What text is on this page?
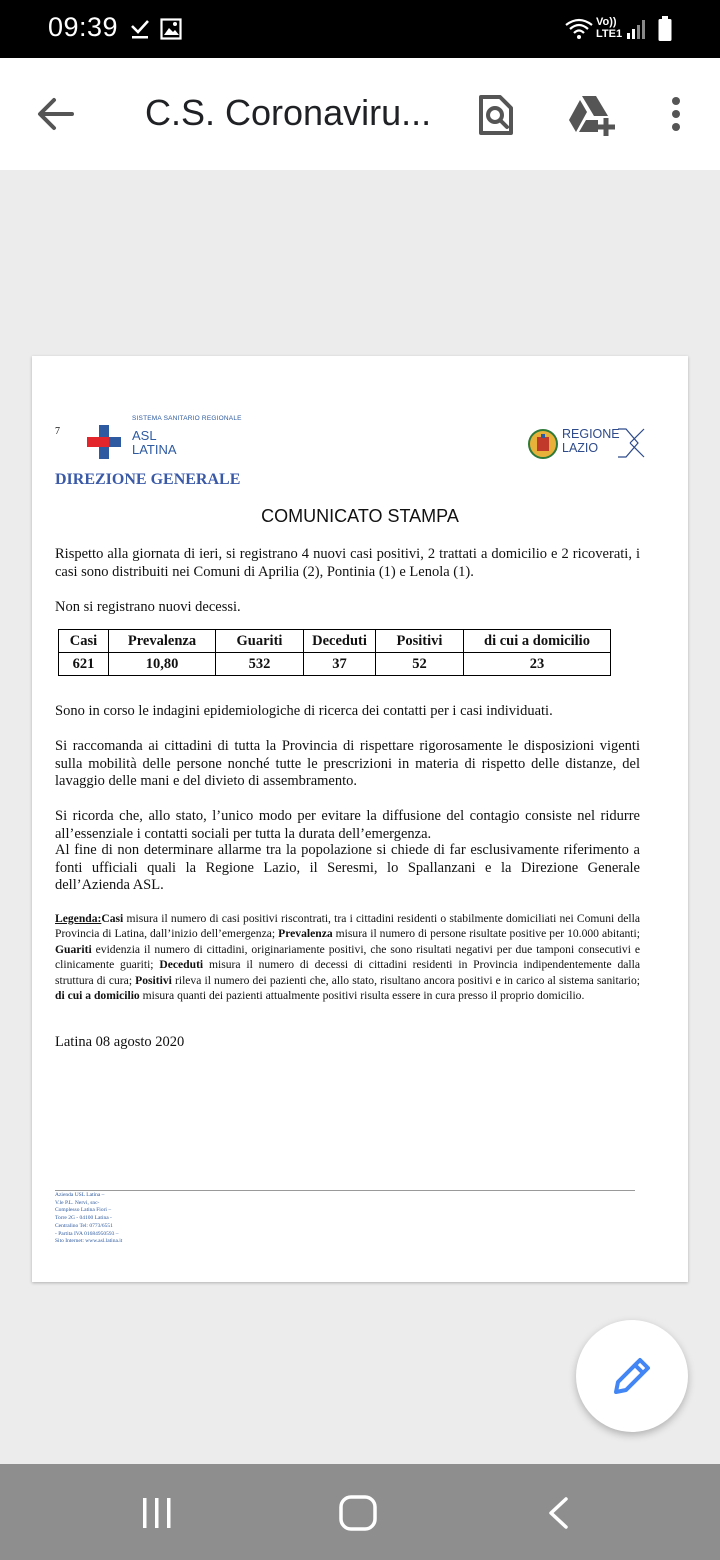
09:39	Vo))
LTE1
C.S. Coronaviru...
7
SISTEMA SANITARIO REGIONALE
ASL
LATINA
REGIONE
LAZIO
DIREZIONE GENERALE
COMUNICATO STAMPA
Rispetto alla giornata di ieri, si registrano 4 nuovi casi positivi, 2 trattati a domicilio e 2 ricoverati, i casi sono distribuiti nei Comuni di Aprilia (2), Pontinia (1) e Lenola (1).
Non si registrano nuovi decessi.
Casi	Prevalenza	Guariti	Deceduti	Positivi	di cui a domicilio
621	10,80	532	37	52	23
Sono in corso le indagini epidemiologiche di ricerca dei contatti per i casi individuati.
Si raccomanda ai cittadini di tutta la Provincia di rispettare rigorosamente le disposizioni vigenti sulla mobilità delle persone nonché tutte le prescrizioni in materia di rispetto delle distanze, del lavaggio delle mani e del divieto di assembramento.
Si ricorda che, allo stato, l’unico modo per evitare la diffusione del contagio consiste nel ridurre all’essenziale i contatti sociali per tutta la durata dell’emergenza.
Al fine di non determinare allarme tra la popolazione si chiede di far esclusivamente riferimento a fonti ufficiali quali la Regione Lazio, il Seresmi, lo Spallanzani e la Direzione Generale dell’Azienda ASL.
Legenda:Casi misura il numero di casi positivi riscontrati, tra i cittadini residenti o stabilmente domiciliati nei Comuni della Provincia di Latina, dall’inizio dell’emergenza; Prevalenza misura il numero di persone risultate positive per 10.000 abitanti; Guariti evidenzia il numero di cittadini, originariamente positivi, che sono risultati negativi per due tamponi consecutivi e clinicamente guariti; Deceduti misura il numero di decessi di cittadini residenti in Provincia indipendentemente dalla struttura di cura; Positivi rileva il numero dei pazienti che, allo stato, risultano ancora positivi e in carico al sistema sanitario; di cui a domicilio misura quanti dei pazienti attualmente positivi risulta essere in cura presso il proprio domicilio.
Latina 08 agosto 2020
Azienda USL Latina –
V.le P.L. Nervi, snc-
Complesso Latina Fiori –
Torre 2G - 04100 Latina -
Centralino Tel: 0773/6551
- Partita IVA 01684950593 –
Sito Internet: www.asl.latina.it
